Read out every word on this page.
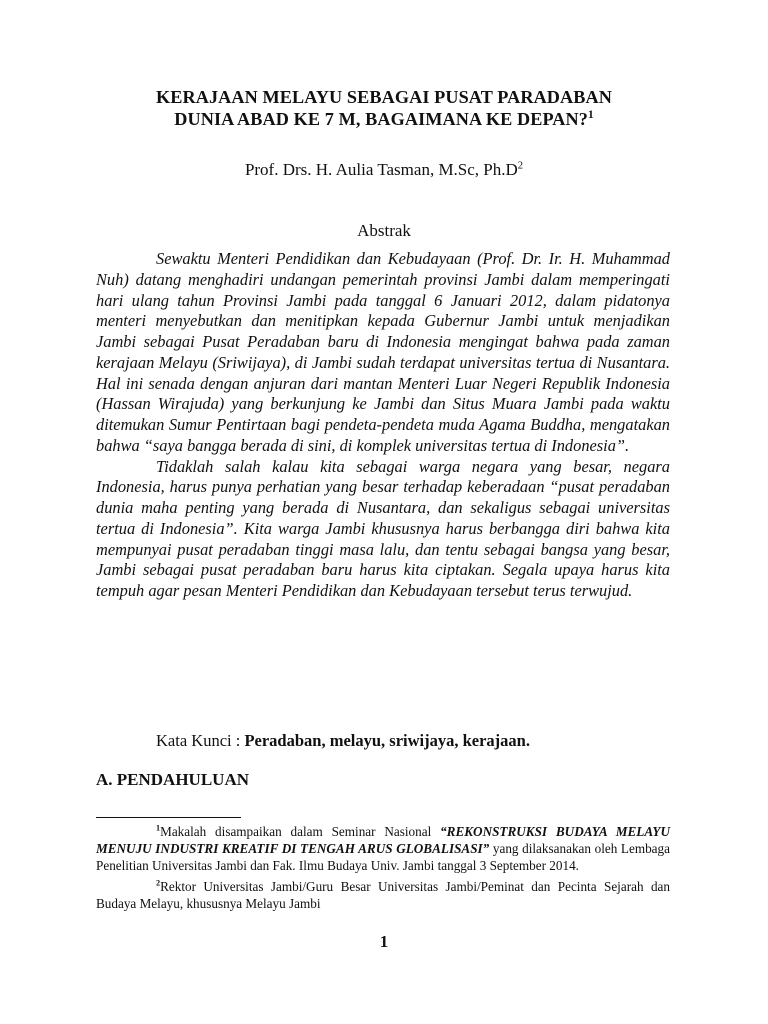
KERAJAAN MELAYU SEBAGAI PUSAT PARADABAN
DUNIA ABAD KE 7 M, BAGAIMANA KE DEPAN?$^1$
Prof. Drs. H. Aulia Tasman, M.Sc, $Ph.D^2$
Abstrak

Sewaktu Menteri Pendidikan dan Kebudayaan (Prof. Dr. Ir. H. Muhammad Nuh) datang menghadiri undangan pemerintah provinsi Jambi dalam memperingati hari ulang tahun Provinsi Jambi pada tanggal 6 Januari 2012, dalam pidatonya menteri menyebutkan dan menitipkan kepada Gubernur Jambi untuk menjadikan Jambi sebagai Pusat Peradaban baru di Indonesia mengingat bahwa pada zaman kerajaan Melayu (Sriwijaya), di Jambi sudah terdapat universitas tertua di Nusantara. Hal ini senada dengan anjuran dari mantan Menteri Luar Negeri Republik Indonesia (Hassan Wirajuda) yang berkunjung ke Jambi dan Situs Muara Jambi pada waktu ditemukan Sumur Pentirtaan bagi pendeta-pendeta muda Agama Buddha, mengatakan bahwa “saya bangga berada di sini, di komplek universitas tertua di Indonesia”.

Tidaklah salah kalau kita sebagai warga negara yang besar, negara Indonesia, harus punya perhatian yang besar terhadap keberadaan “pusat peradaban dunia maha penting yang berada di Nusantara, dan sekaligus sebagai universitas tertua di Indonesia”. Kita warga Jambi khususnya harus berbangga diri bahwa kita mempunyai pusat peradaban tinggi masa lalu, dan tentu sebagai bangsa yang besar, Jambi sebagai pusat peradaban baru harus kita ciptakan. Segala upaya harus kita tempuh agar pesan Menteri Pendidikan dan Kebudayaan tersebut terus terwujud.

Kata Kunci : Peradaban, melayu, sriwijaya, kerajaan.
A. PENDAHULUAN

$^1$Makalah disampaikan dalam Seminar Nasional “REKONSTRUKSI BUDAYA MELAYU MENUJU INDUSTRI KREATIF DI TENGAH ARUS GLOBALISASI” yang dilaksanakan oleh Lembaga Penelitian Universitas Jambi dan Fak. Ilmu Budaya Univ. Jambi tanggal 3 September 2014.

$^2$Rektor Universitas Jambi/Guru Besar Universitas Jambi/Peminat dan Pecinta Sejarah dan Budaya Melayu, khususnya Melayu Jambi

1
